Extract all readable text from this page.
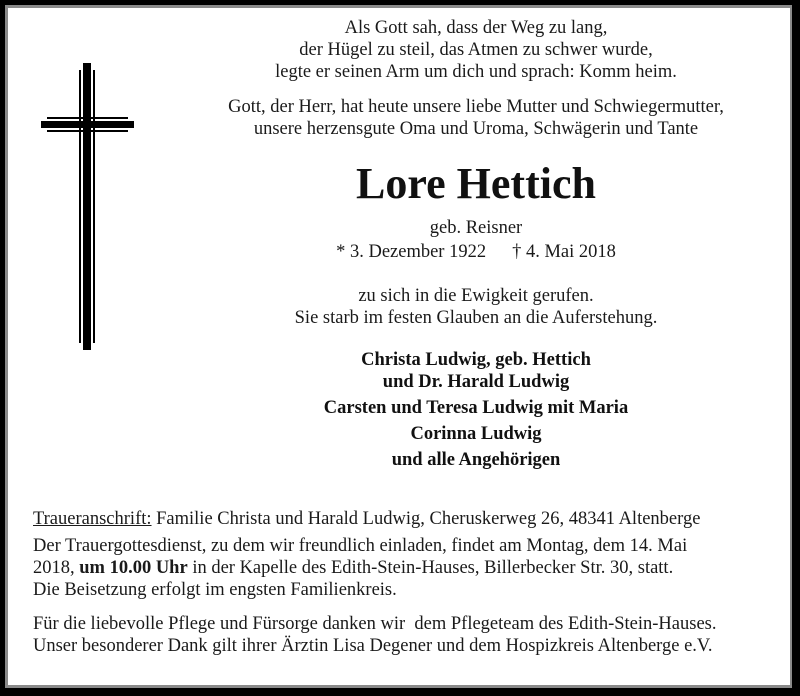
Als Gott sah, dass der Weg zu lang,
der Hügel zu steil, das Atmen zu schwer wurde,
legte er seinen Arm um dich und sprach: Komm heim.
Gott, der Herr, hat heute unsere liebe Mutter und Schwiegermutter,
unsere herzensgute Oma und Uroma, Schwägerin und Tante
Lore Hettich
geb. Reisner
* 3. Dezember 1922 † 4. Mai 2018
zu sich in die Ewigkeit gerufen.
Sie starb im festen Glauben an die Auferstehung.
Christa Ludwig, geb. Hettich
und Dr. Harald Ludwig
Carsten und Teresa Ludwig mit Maria
Corinna Ludwig
und alle Angehörigen
Traueranschrift: Familie Christa und Harald Ludwig, Cheruskerweg 26, 48341 Altenberge
Der Trauergottesdienst, zu dem wir freundlich einladen, findet am Montag, dem 14. Mai
2018, um 10.00 Uhr in der Kapelle des Edith-Stein-Hauses, Billerbecker Str. 30, statt.
Die Beisetzung erfolgt im engsten Familienkreis.
Für die liebevolle Pflege und Fürsorge danken wir  dem Pflegeteam des Edith-Stein-Hauses.
Unser besonderer Dank gilt ihrer Ärztin Lisa Degener und dem Hospizkreis Altenberge e.V.
